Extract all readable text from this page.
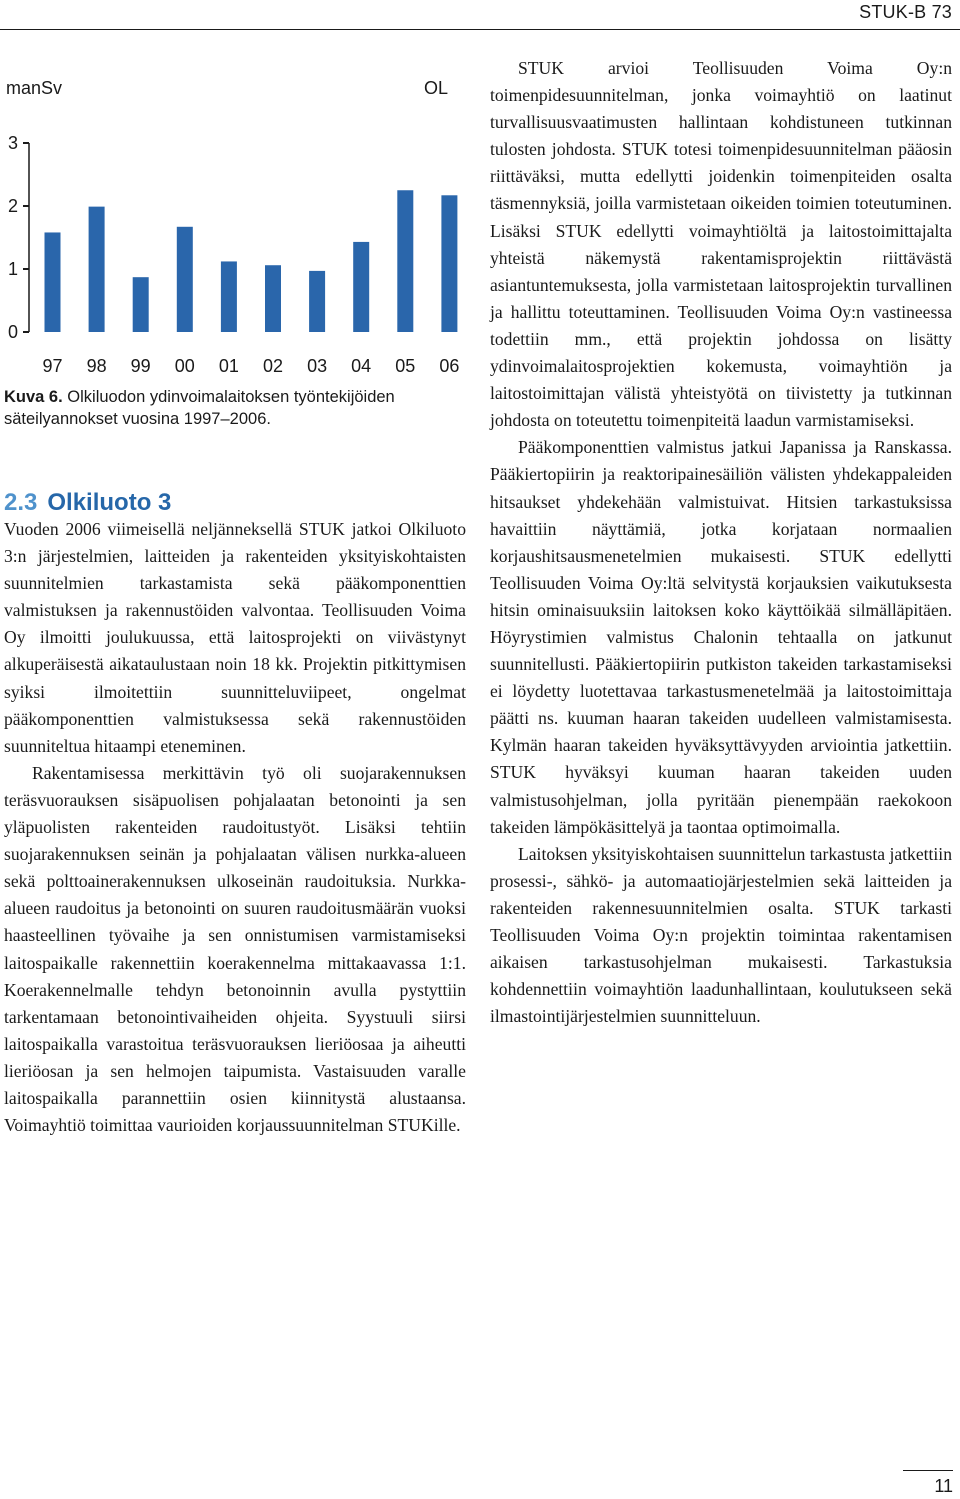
STUK-B 73
manSv	OL
0
1
2
3
97 98 99 00 01 02 03 04 05 06
Kuva 6. Olkiluodon ydinvoimalaitoksen työntekijöiden säteilyannokset vuosina 1997–2006.
2.3 Olkiluoto 3

Vuoden 2006 viimeisellä neljänneksellä STUK jatkoi Olkiluoto 3:n järjestelmien, laitteiden ja rakenteiden yksityiskohtaisten suunnitelmien tarkastamista sekä pääkomponenttien valmistuksen ja rakennustöiden valvontaa. Teollisuuden Voima Oy ilmoitti joulukuussa, että laitosprojekti on viivästynyt alkuperäisestä aikataulustaan noin 18 kk. Projektin pitkittymisen syiksi ilmoitettiin suunnitteluviipeet, ongelmat pääkomponenttien valmistuksessa sekä rakennustöiden suunniteltua hitaampi eteneminen.

Rakentamisessa merkittävin työ oli suojarakennuksen teräsvuorauksen sisäpuolisen pohjalaatan betonointi ja sen yläpuolisten rakenteiden raudoitustyöt. Lisäksi tehtiin suojarakennuksen seinän ja pohjalaatan välisen nurkka-alueen sekä polttoainerakennuksen ulkoseinän raudoituksia. Nurkka-alueen raudoitus ja betonointi on suuren raudoitusmäärän vuoksi haasteellinen työvaihe ja sen onnistumisen varmistamiseksi laitospaikalle rakennettiin koerakennelma mittakaavassa 1:1. Koerakennelmalle tehdyn betonoinnin avulla pystyttiin tarkentamaan betonointivaiheiden ohjeita. Syystuuli siirsi laitospaikalla varastoitua teräsvuorauksen lieriöosaa ja aiheutti lieriöosan ja sen helmojen taipumista. Vastaisuuden varalle laitospaikalla parannettiin osien kiinnitystä alustaansa. Voimayhtiö toimittaa vaurioiden korjaussuunnitelman STUKille.

STUK arvioi Teollisuuden Voima Oy:n toimenpidesuunnitelman, jonka voimayhtiö on laatinut turvallisuusvaatimusten hallintaan kohdistuneen tutkinnan tulosten johdosta. STUK totesi toimenpidesuunnitelman pääosin riittäväksi, mutta edellytti joidenkin toimenpiteiden osalta täsmennyksiä, joilla varmistetaan oikeiden toimien toteutuminen. Lisäksi STUK edellytti voimayhtiöltä ja laitostoimittajalta yhteistä näkemystä rakentamisprojektin riittävästä asiantuntemuksesta, jolla varmistetaan laitosprojektin turvallinen ja hallittu toteuttaminen. Teollisuuden Voima Oy:n vastineessa todettiin mm., että projektin johdossa on lisätty ydinvoimalaitosprojektien kokemusta, voimayhtiön ja laitostoimittajan välistä yhteistyötä on tiivistetty ja tutkinnan johdosta on toteutettu toimenpiteitä laadun varmistamiseksi.

Pääkomponenttien valmistus jatkui Japanissa ja Ranskassa. Pääkiertopiirin ja reaktoripainesäiliön välisten yhdekappaleiden hitsaukset yhdekehään valmistuivat. Hitsien tarkastuksissa havaittiin näyttämiä, jotka korjataan normaalien korjaushitsausmenetelmien mukaisesti. STUK edellytti Teollisuuden Voima Oy:ltä selvitystä korjauksien vaikutuksesta hitsin ominaisuuksiin laitoksen koko käyttöikää silmälläpitäen. Höyrystimien valmistus Chalonin tehtaalla on jatkunut suunnitellusti. Pääkiertopiirin putkiston takeiden tarkastamiseksi ei löydetty luotettavaa tarkastusmenetelmää ja laitostoimittaja päätti ns. kuuman haaran takeiden uudelleen valmistamisesta. Kylmän haaran takeiden hyväksyttävyyden arviointia jatkettiin. STUK hyväksyi kuuman haaran takeiden uuden valmistusohjelman, jolla pyritään pienempään raekokoon takeiden lämpökäsittelyä ja taontaa optimoimalla.

Laitoksen yksityiskohtaisen suunnittelun tarkastusta jatkettiin prosessi-, sähkö- ja automaatiojärjestelmien sekä laitteiden ja rakenteiden rakennesuunnitelmien osalta. STUK tarkasti Teollisuuden Voima Oy:n projektin toimintaa rakentamisen aikaisen tarkastusohjelman mukaisesti. Tarkastuksia kohdennettiin voimayhtiön laadunhallintaan, koulutukseen sekä ilmastointijärjestelmien suunnitteluun.

11
